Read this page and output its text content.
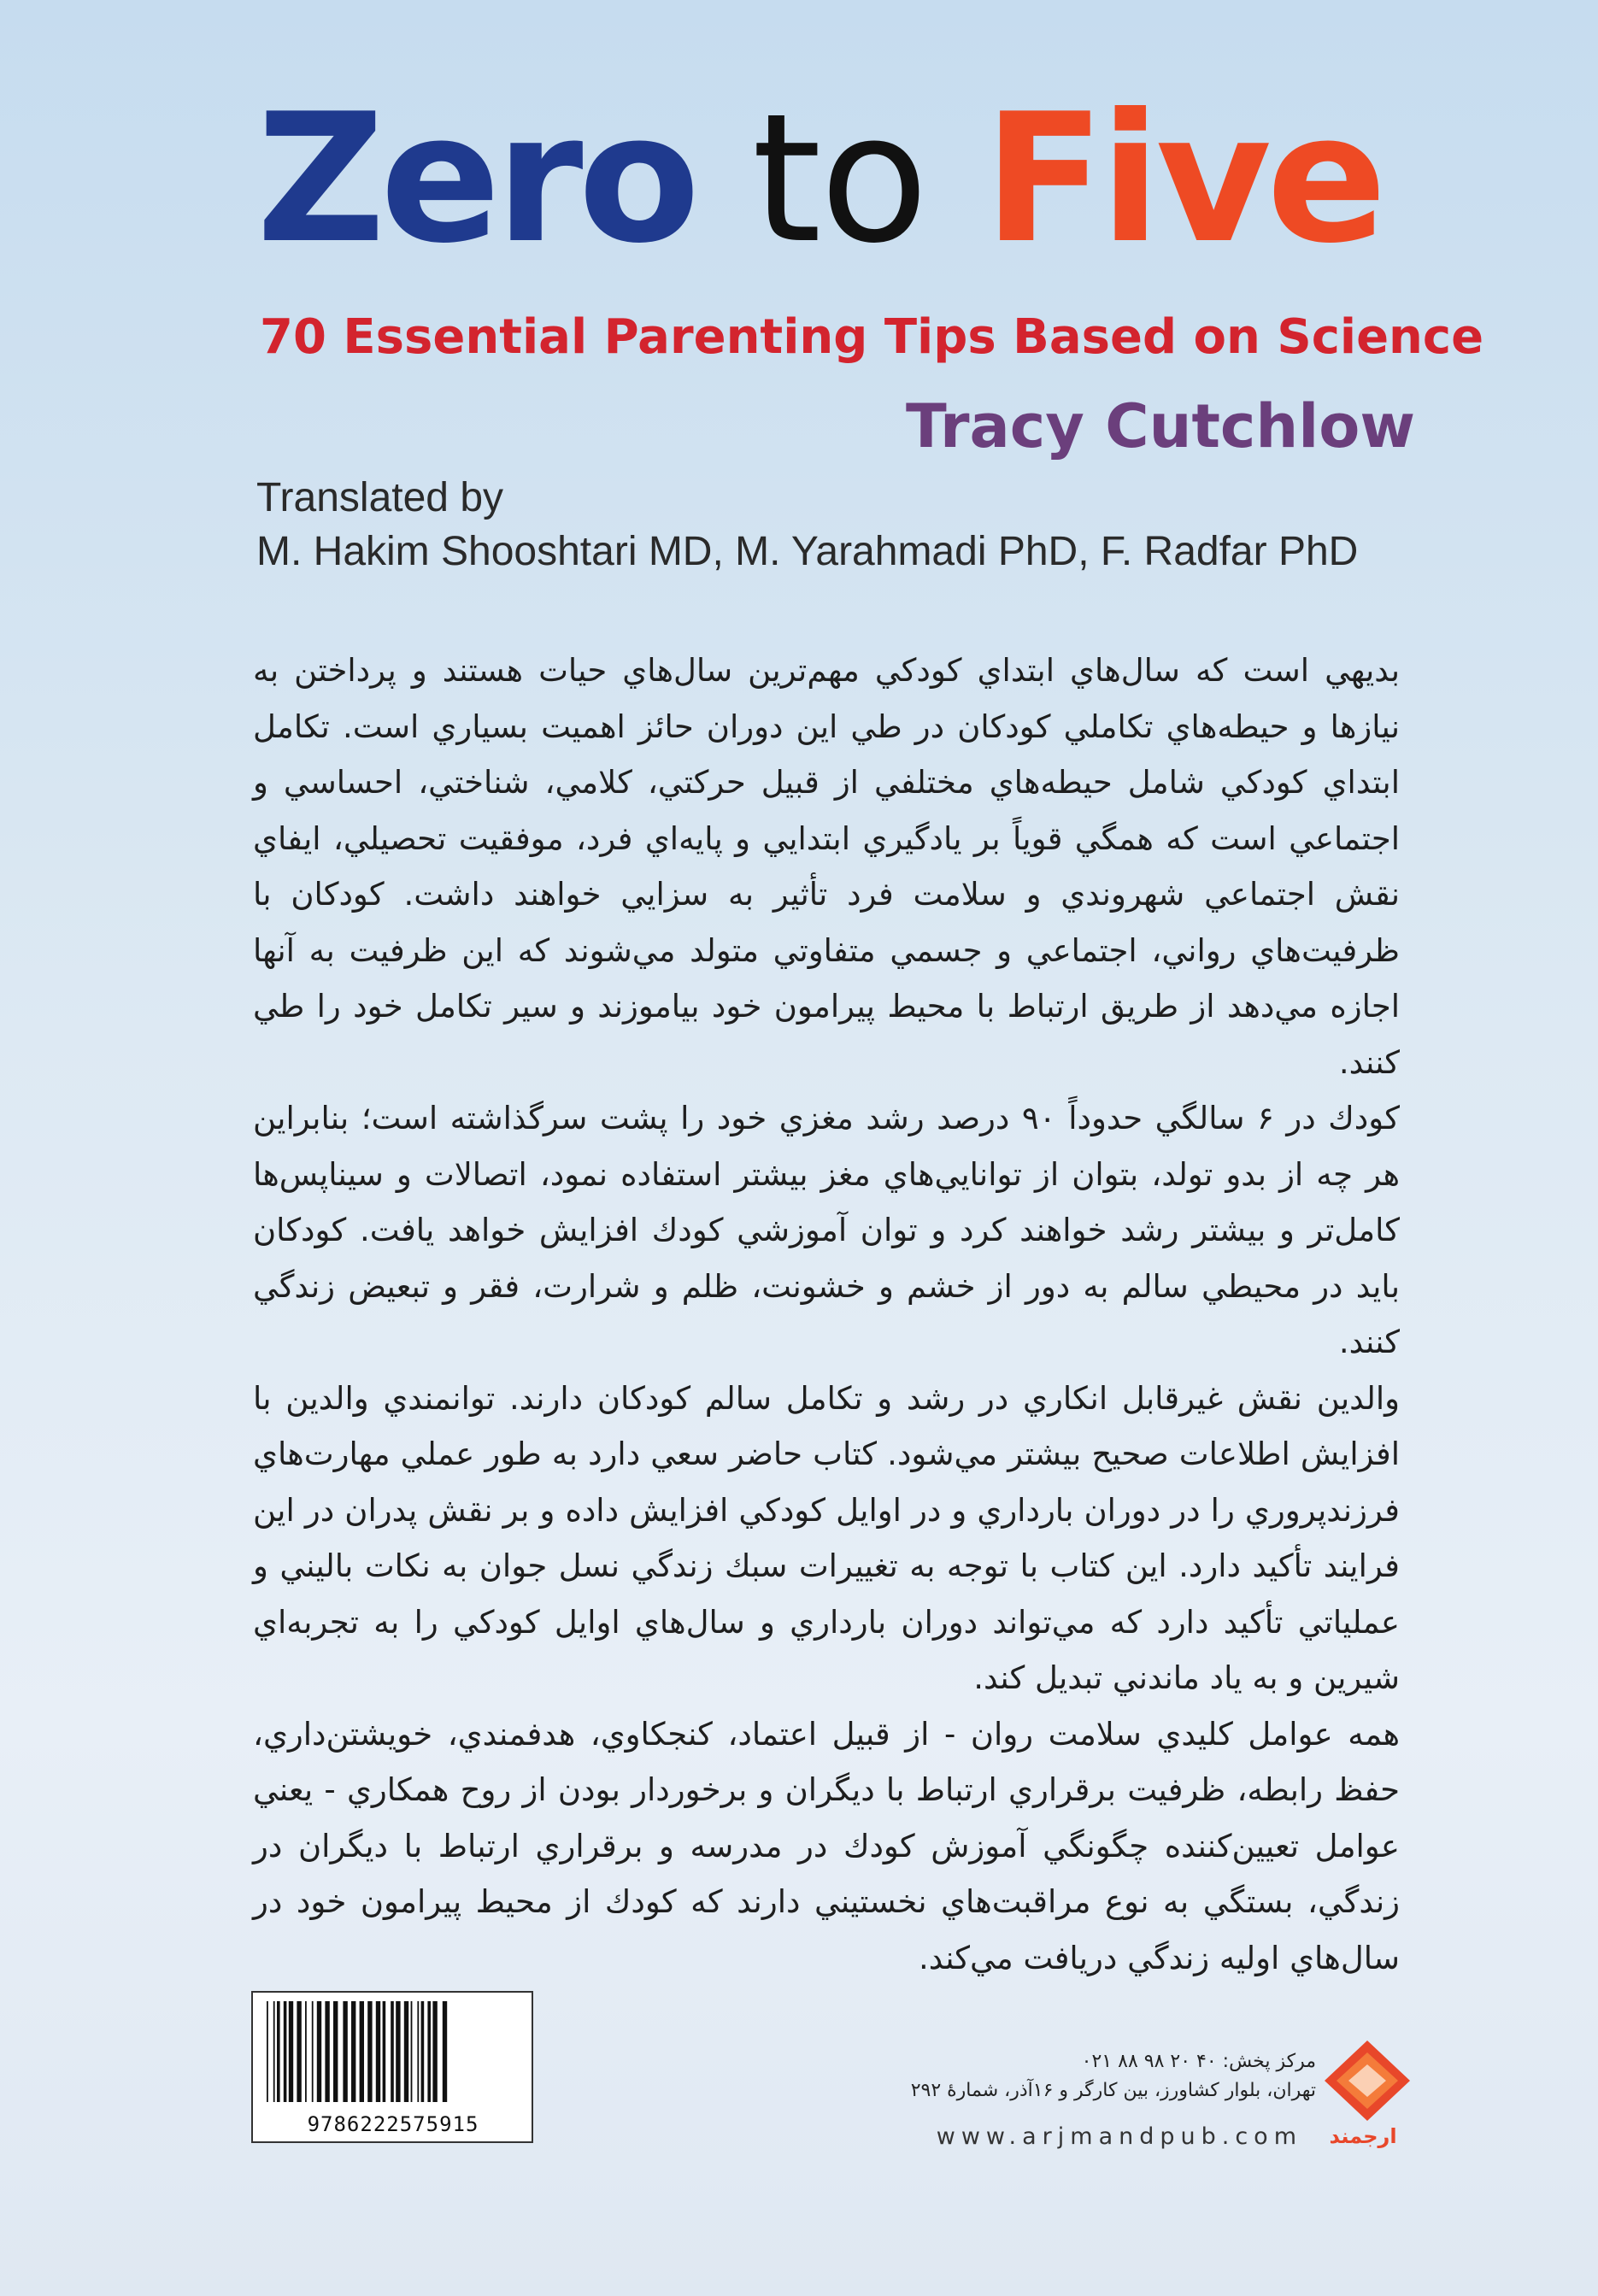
Zero to Five
70 Essential Parenting Tips Based on Science
Tracy Cutchlow
Translated by
M. Hakim Shooshtari MD, M. Yarahmadi PhD, F. Radfar PhD

بديهي است كه سال‌هاي ابتداي كودكي مهم‌ترين سال‌هاي حيات هستند و پرداختن به نيازها و حيطه‌هاي تكاملي كودكان در طي اين دوران حائز اهميت بسياري است. تكامل ابتداي كودكي شامل حيطه‌هاي مختلفي از قبيل حركتي، كلامي، شناختي، احساسي و اجتماعي است كه همگي قوياً بر يادگيري ابتدايي و پايه‌اي فرد، موفقيت تحصيلي، ايفاي نقش اجتماعي شهروندي و سلامت فرد تأثير به سزايي خواهند داشت. كودكان با ظرفيت‌هاي رواني، اجتماعي و جسمي متفاوتي متولد مي‌شوند كه اين ظرفيت به آنها اجازه مي‌دهد از طريق ارتباط با محيط پيرامون خود بياموزند و سير تكامل خود را طي كنند.

كودك در ۶ سالگي حدوداً ۹۰ درصد رشد مغزي خود را پشت سرگذاشته است؛ بنابراين هر چه از بدو تولد، بتوان از توانايي‌هاي مغز بيشتر استفاده نمود، اتصالات و سيناپس‌ها كامل‌تر و بيشتر رشد خواهند كرد و توان آموزشي كودك افزايش خواهد يافت. كودكان بايد در محيطي سالم به دور از خشم و خشونت، ظلم و شرارت، فقر و تبعيض زندگي كنند.

والدين نقش غيرقابل انكاري در رشد و تكامل سالم كودكان دارند. توانمندي والدين با افزايش اطلاعات صحيح بيشتر مي‌شود. كتاب حاضر سعي دارد به طور عملي مهارت‌هاي فرزندپروري را در دوران بارداري و در اوايل كودكي افزايش داده و بر نقش پدران در اين فرايند تأكيد دارد. اين كتاب با توجه به تغييرات سبك زندگي نسل جوان به نكات باليني و عملياتي تأكيد دارد كه مي‌تواند دوران بارداري و سال‌هاي اوايل كودكي را به تجربه‌اي شيرين و به ياد ماندني تبديل كند.

همه عوامل كليدي سلامت روان - از قبيل اعتماد، كنجكاوي، هدفمندي، خويشتن‌داري، حفظ رابطه، ظرفيت برقراري ارتباط با ديگران و برخوردار بودن از روح همكاري - يعني عوامل تعيين‌كننده چگونگي آموزش كودك در مدرسه و برقراري ارتباط با ديگران در زندگي، بستگي به نوع مراقبت‌هاي نخستيني دارند كه كودك از محيط پيرامون خود در سال‌هاي اوليه زندگي دريافت مي‌كند.

9786222575915
مركز پخش: ۴۰ ۲۰ ۹۸ ۸۸ ۰۲۱
تهران، بلوار كشاورز، بين كارگر و ۱۶آذر، شمارهٔ ۲۹۲
www.arjmandpub.com	ارجمند
